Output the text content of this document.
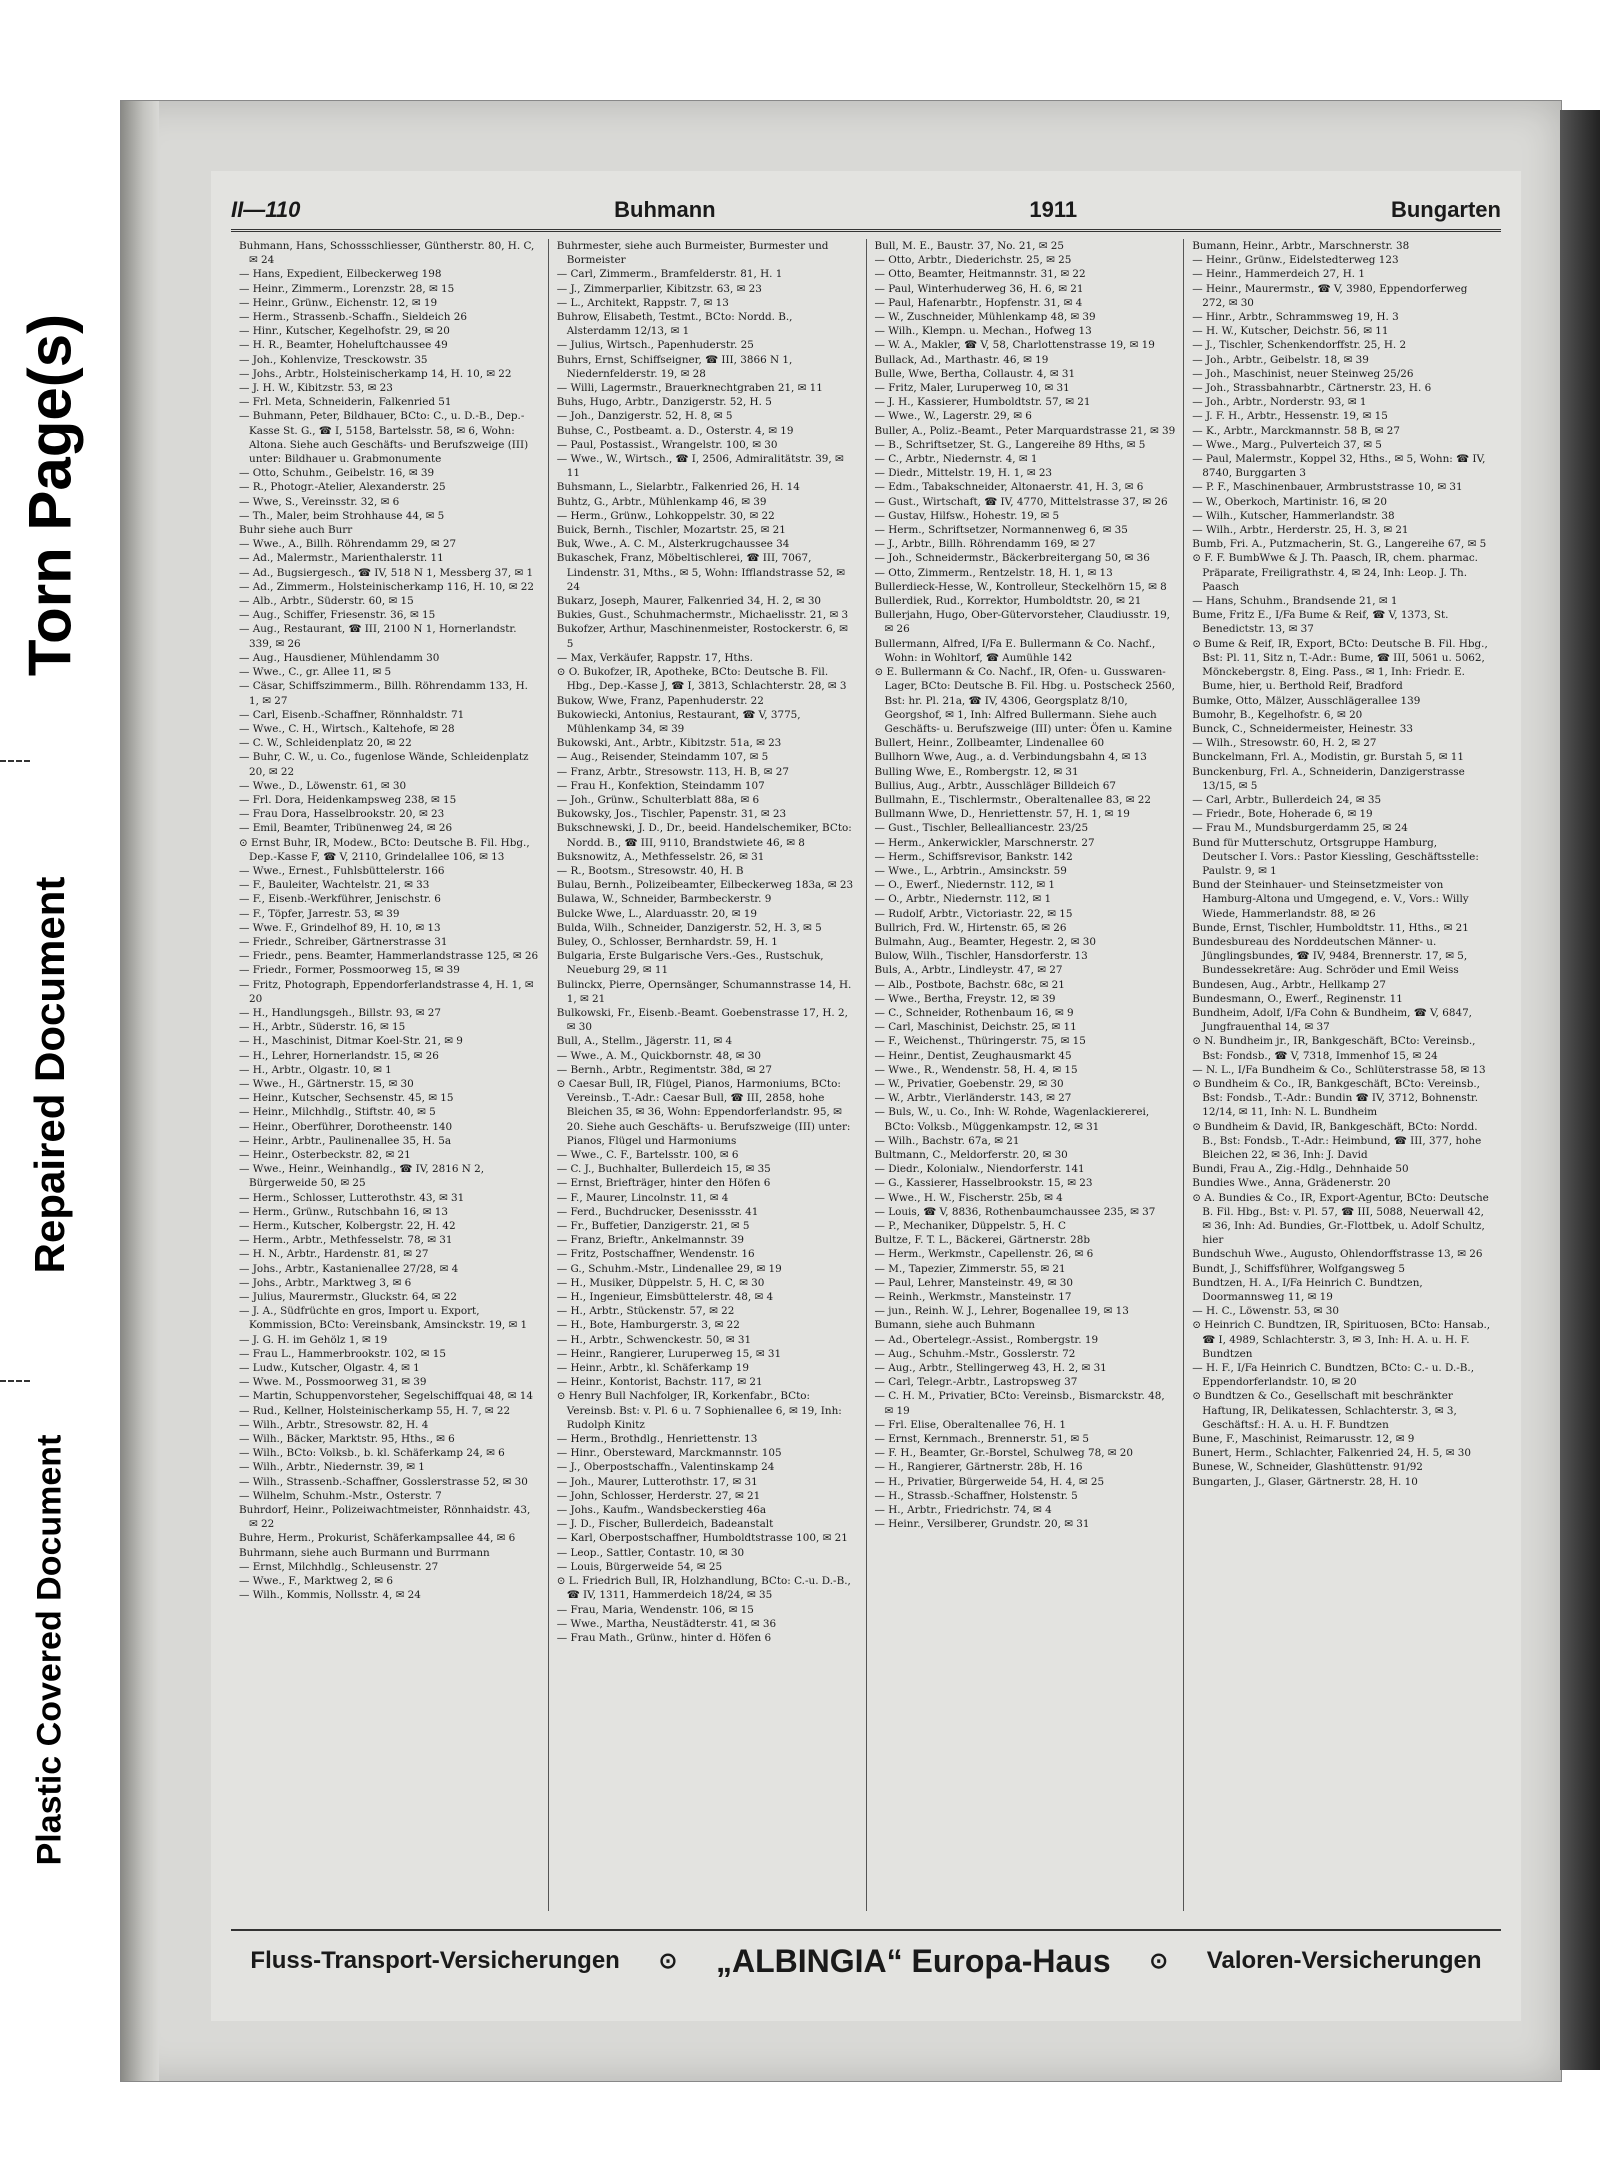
Torn Page(s)
Repaired Document
Plastic Covered Document
II—110	Buhmann	1911	Bungarten

Buhmann, Hans, Schossschliesser, Güntherstr. 80, H. C, ✉ 24

— Hans, Expedient, Eilbeckerweg 198

— Heinr., Zimmerm., Lorenzstr. 28, ✉ 15

— Heinr., Grünw., Eichenstr. 12, ✉ 19

— Herm., Strassenb.-Schaffn., Sieldeich 26

— Hinr., Kutscher, Kegelhofstr. 29, ✉ 20

— H. R., Beamter, Hoheluftchaussee 49

— Joh., Kohlenvize, Tresckowstr. 35

— Johs., Arbtr., Holsteinischerkamp 14, H. 10, ✉ 22

— J. H. W., Kibitzstr. 53, ✉ 23

— Frl. Meta, Schneiderin, Falkenried 51

— Buhmann, Peter, Bildhauer, BCto: C., u. D.-B., Dep.-Kasse St. G., ☎ I, 5158, Bartelsstr. 58, ✉ 6, Wohn: Altona. Siehe auch Geschäfts- und Berufszweige (III) unter: Bildhauer u. Grabmonumente

— Otto, Schuhm., Geibelstr. 16, ✉ 39

— R., Photogr.-Atelier, Alexanderstr. 25

— Wwe, S., Vereinsstr. 32, ✉ 6

— Th., Maler, beim Strohhause 44, ✉ 5

Buhr siehe auch Burr

— Wwe., A., Billh. Röhrendamm 29, ✉ 27

— Ad., Malermstr., Marienthalerstr. 11

— Ad., Bugsiergesch., ☎ IV, 518 N 1, Messberg 37, ✉ 1

— Ad., Zimmerm., Holsteinischerkamp 116, H. 10, ✉ 22

— Alb., Arbtr., Süderstr. 60, ✉ 15

— Aug., Schiffer, Friesenstr. 36, ✉ 15

— Aug., Restaurant, ☎ III, 2100 N 1, Hornerlandstr. 339, ✉ 26

— Aug., Hausdiener, Mühlendamm 30

— Wwe., C., gr. Allee 11, ✉ 5

— Cäsar, Schiffszimmerm., Billh. Röhrendamm 133, H. 1, ✉ 27

— Carl, Eisenb.-Schaffner, Rönnhaldstr. 71

— Wwe., C. H., Wirtsch., Kaltehofe, ✉ 28

— C. W., Schleidenplatz 20, ✉ 22

— Buhr, C. W., u. Co., fugenlose Wände, Schleidenplatz 20, ✉ 22

— Wwe., D., Löwenstr. 61, ✉ 30

— Frl. Dora, Heidenkampsweg 238, ✉ 15

— Frau Dora, Hasselbrookstr. 20, ✉ 23

— Emil, Beamter, Tribünenweg 24, ✉ 26

⊙ Ernst Buhr, IR, Modew., BCto: Deutsche B. Fil. Hbg., Dep.-Kasse F, ☎ V, 2110, Grindelallee 106, ✉ 13

— Wwe., Ernest., Fuhlsbüttelerstr. 166

— F., Bauleiter, Wachtelstr. 21, ✉ 33

— F., Eisenb.-Werkführer, Jenischstr. 6

— F., Töpfer, Jarrestr. 53, ✉ 39

— Wwe. F., Grindelhof 89, H. 10, ✉ 13

— Friedr., Schreiber, Gärtnerstrasse 31

— Friedr., pens. Beamter, Hammerlandstrasse 125, ✉ 26

— Friedr., Former, Possmoorweg 15, ✉ 39

— Fritz, Photograph, Eppendorferlandstrasse 4, H. 1, ✉ 20

— H., Handlungsgeh., Billstr. 93, ✉ 27

— H., Arbtr., Süderstr. 16, ✉ 15

— H., Maschinist, Ditmar Koel-Str. 21, ✉ 9

— H., Lehrer, Hornerlandstr. 15, ✉ 26

— H., Arbtr., Olgastr. 10, ✉ 1

— Wwe., H., Gärtnerstr. 15, ✉ 30

— Heinr., Kutscher, Sechsenstr. 45, ✉ 15

— Heinr., Milchhdlg., Stiftstr. 40, ✉ 5

— Heinr., Oberführer, Dorotheenstr. 140

— Heinr., Arbtr., Paulinenallee 35, H. 5a

— Heinr., Osterbeckstr. 82, ✉ 21

— Wwe., Heinr., Weinhandlg., ☎ IV, 2816 N 2, Bürgerweide 50, ✉ 25

— Herm., Schlosser, Lutterothstr. 43, ✉ 31

— Herm., Grünw., Rutschbahn 16, ✉ 13

— Herm., Kutscher, Kolbergstr. 22, H. 42

— Herm., Arbtr., Methfesselstr. 78, ✉ 31

— H. N., Arbtr., Hardenstr. 81, ✉ 27

— Johs., Arbtr., Kastanienallee 27/28, ✉ 4

— Johs., Arbtr., Marktweg 3, ✉ 6

— Julius, Maurermstr., Gluckstr. 64, ✉ 22

— J. A., Südfrüchte en gros, Import u. Export, Kommission, BCto: Vereinsbank, Amsinckstr. 19, ✉ 1

— J. G. H. im Gehölz 1, ✉ 19

— Frau L., Hammerbrookstr. 102, ✉ 15

— Ludw., Kutscher, Olgastr. 4, ✉ 1

— Wwe. M., Possmoorweg 31, ✉ 39

— Martin, Schuppenvorsteher, Segelschiffquai 48, ✉ 14

— Rud., Kellner, Holsteinischerkamp 55, H. 7, ✉ 22

— Wilh., Arbtr., Stresowstr. 82, H. 4

— Wilh., Bäcker, Marktstr. 95, Hths., ✉ 6

— Wilh., BCto: Volksb., b. kl. Schäferkamp 24, ✉ 6

— Wilh., Arbtr., Niedernstr. 39, ✉ 1

— Wilh., Strassenb.-Schaffner, Gosslerstrasse 52, ✉ 30

— Wilhelm, Schuhm.-Mstr., Osterstr. 7

Buhrdorf, Heinr., Polizeiwachtmeister, Rönnhaidstr. 43, ✉ 22

Buhre, Herm., Prokurist, Schäferkampsallee 44, ✉ 6

Buhrmann, siehe auch Burmann und Burrmann

— Ernst, Milchhdlg., Schleusenstr. 27

— Wwe., F., Marktweg 2, ✉ 6

— Wilh., Kommis, Nollsstr. 4, ✉ 24

Buhrmester, siehe auch Burmeister, Burmester und Bormeister

— Carl, Zimmerm., Bramfelderstr. 81, H. 1

— J., Zimmerparlier, Kibitzstr. 63, ✉ 23

— L., Architekt, Rappstr. 7, ✉ 13

Buhrow, Elisabeth, Testmt., BCto: Nordd. B., Alsterdamm 12/13, ✉ 1

— Julius, Wirtsch., Papenhuderstr. 25

Buhrs, Ernst, Schiffseigner, ☎ III, 3866 N 1, Niedernfelderstr. 19, ✉ 28

— Willi, Lagermstr., Brauerknechtgraben 21, ✉ 11

Buhs, Hugo, Arbtr., Danzigerstr. 52, H. 5

— Joh., Danzigerstr. 52, H. 8, ✉ 5

Buhse, C., Postbeamt. a. D., Osterstr. 4, ✉ 19

— Paul, Postassist., Wrangelstr. 100, ✉ 30

— Wwe., W., Wirtsch., ☎ I, 2506, Admiralitätstr. 39, ✉ 11

Buhsmann, L., Sielarbtr., Falkenried 26, H. 14

Buhtz, G., Arbtr., Mühlenkamp 46, ✉ 39

— Herm., Grünw., Lohkoppelstr. 30, ✉ 22

Buick, Bernh., Tischler, Mozartstr. 25, ✉ 21

Buk, Wwe., A. C. M., Alsterkrugchaussee 34

Bukaschek, Franz, Möbeltischlerei, ☎ III, 7067, Lindenstr. 31, Mths., ✉ 5, Wohn: Ifflandstrasse 52, ✉ 24

Bukarz, Joseph, Maurer, Falkenried 34, H. 2, ✉ 30

Bukies, Gust., Schuhmachermstr., Michaelisstr. 21, ✉ 3

Bukofzer, Arthur, Maschinenmeister, Rostockerstr. 6, ✉ 5

— Max, Verkäufer, Rappstr. 17, Hths.

⊙ O. Bukofzer, IR, Apotheke, BCto: Deutsche B. Fil. Hbg., Dep.-Kasse J, ☎ I, 3813, Schlachterstr. 28, ✉ 3

Bukow, Wwe, Franz, Papenhuderstr. 22

Bukowiecki, Antonius, Restaurant, ☎ V, 3775, Mühlenkamp 34, ✉ 39

Bukowski, Ant., Arbtr., Kibitzstr. 51a, ✉ 23

— Aug., Reisender, Steindamm 107, ✉ 5

— Franz, Arbtr., Stresowstr. 113, H. B, ✉ 27

— Frau H., Konfektion, Steindamm 107

— Joh., Grünw., Schulterblatt 88a, ✉ 6

Bukowsky, Jos., Tischler, Papenstr. 31, ✉ 23

Bukschnewski, J. D., Dr., beeid. Handelschemiker, BCto: Nordd. B., ☎ III, 9110, Brandstwiete 46, ✉ 8

Buksnowitz, A., Methfesselstr. 26, ✉ 31

— R., Bootsm., Stresowstr. 40, H. B

Bulau, Bernh., Polizeibeamter, Eilbeckerweg 183a, ✉ 23

Bulawa, W., Schneider, Barmbeckerstr. 9

Bulcke Wwe, L., Alarduasstr. 20, ✉ 19

Bulda, Wilh., Schneider, Danzigerstr. 52, H. 3, ✉ 5

Buley, O., Schlosser, Bernhardstr. 59, H. 1

Bulgaria, Erste Bulgarische Vers.-Ges., Rustschuk, Neueburg 29, ✉ 11

Bulinckx, Pierre, Opernsänger, Schumannstrasse 14, H. 1, ✉ 21

Bulkowski, Fr., Eisenb.-Beamt. Goebenstrasse 17, H. 2, ✉ 30

Bull, A., Stellm., Jägerstr. 11, ✉ 4

— Wwe., A. M., Quickbornstr. 48, ✉ 30

— Bernh., Arbtr., Regimentstr. 38d, ✉ 27

⊙ Caesar Bull, IR, Flügel, Pianos, Harmoniums, BCto: Vereinsb., T.-Adr.: Caesar Bull, ☎ III, 2858, hohe Bleichen 35, ✉ 36, Wohn: Eppendorferlandstr. 95, ✉ 20. Siehe auch Geschäfts- u. Berufszweige (III) unter: Pianos, Flügel und Harmoniums

— Wwe., C. F., Bartelsstr. 100, ✉ 6

— C. J., Buchhalter, Bullerdeich 15, ✉ 35

— Ernst, Briefträger, hinter den Höfen 6

— F., Maurer, Lincolnstr. 11, ✉ 4

— Ferd., Buchdrucker, Desenissstr. 41

— Fr., Buffetier, Danzigerstr. 21, ✉ 5

— Franz, Brieftr., Ankelmannstr. 39

— Fritz, Postschaffner, Wendenstr. 16

— G., Schuhm.-Mstr., Lindenallee 29, ✉ 19

— H., Musiker, Düppelstr. 5, H. C, ✉ 30

— H., Ingenieur, Eimsbüttelerstr. 48, ✉ 4

— H., Arbtr., Stückenstr. 57, ✉ 22

— H., Bote, Hamburgerstr. 3, ✉ 22

— H., Arbtr., Schwenckestr. 50, ✉ 31

— Heinr., Rangierer, Luruperweg 15, ✉ 31

— Heinr., Arbtr., kl. Schäferkamp 19

— Heinr., Kontorist, Bachstr. 117, ✉ 21

⊙ Henry Bull Nachfolger, IR, Korkenfabr., BCto: Vereinsb. Bst: v. Pl. 6 u. 7 Sophienallee 6, ✉ 19, Inh: Rudolph Kinitz

— Herm., Brothdlg., Henriettenstr. 13

— Hinr., Obersteward, Marckmannstr. 105

— J., Oberpostschaffn., Valentinskamp 24

— Joh., Maurer, Lutterothstr. 17, ✉ 31

— John, Schlosser, Herderstr. 27, ✉ 21

— Johs., Kaufm., Wandsbeckerstieg 46a

— J. D., Fischer, Bullerdeich, Badeanstalt

— Karl, Oberpostschaffner, Humboldtstrasse 100, ✉ 21

— Leop., Sattler, Contastr. 10, ✉ 30

— Louis, Bürgerweide 54, ✉ 25

⊙ L. Friedrich Bull, IR, Holzhandlung, BCto: C.-u. D.-B., ☎ IV, 1311, Hammerdeich 18/24, ✉ 35

— Frau, Maria, Wendenstr. 106, ✉ 15

— Wwe., Martha, Neustädterstr. 41, ✉ 36

— Frau Math., Grünw., hinter d. Höfen 6

Bull, M. E., Baustr. 37, No. 21, ✉ 25

— Otto, Arbtr., Diederichstr. 25, ✉ 25

— Otto, Beamter, Heitmannstr. 31, ✉ 22

— Paul, Winterhuderweg 36, H. 6, ✉ 21

— Paul, Hafenarbtr., Hopfenstr. 31, ✉ 4

— W., Zuschneider, Mühlenkamp 48, ✉ 39

— Wilh., Klempn. u. Mechan., Hofweg 13

— W. A., Makler, ☎ V, 58, Charlottenstrasse 19, ✉ 19

Bullack, Ad., Marthastr. 46, ✉ 19

Bulle, Wwe, Bertha, Collaustr. 4, ✉ 31

— Fritz, Maler, Luruperweg 10, ✉ 31

— J. H., Kassierer, Humboldtstr. 57, ✉ 21

— Wwe., W., Lagerstr. 29, ✉ 6

Buller, A., Poliz.-Beamt., Peter Marquardstrasse 21, ✉ 39

— B., Schriftsetzer, St. G., Langereihe 89 Hths, ✉ 5

— C., Arbtr., Niedernstr. 4, ✉ 1

— Diedr., Mittelstr. 19, H. 1, ✉ 23

— Edm., Tabakschneider, Altonaerstr. 41, H. 3, ✉ 6

— Gust., Wirtschaft, ☎ IV, 4770, Mittelstrasse 37, ✉ 26

— Gustav, Hilfsw., Hohestr. 19, ✉ 5

— Herm., Schriftsetzer, Normannenweg 6, ✉ 35

— J., Arbtr., Billh. Röhrendamm 169, ✉ 27

— Joh., Schneidermstr., Bäckerbreitergang 50, ✉ 36

— Otto, Zimmerm., Rentzelstr. 18, H. 1, ✉ 13

Bullerdieck-Hesse, W., Kontrolleur, Steckelhörn 15, ✉ 8

Bullerdiek, Rud., Korrektor, Humboldtstr. 20, ✉ 21

Bullerjahn, Hugo, Ober-Gütervorsteher, Claudiusstr. 19, ✉ 26

Bullermann, Alfred, I/Fa E. Bullermann & Co. Nachf., Wohn: in Wohltorf, ☎ Aumühle 142

⊙ E. Bullermann & Co. Nachf., IR, Ofen- u. Gusswaren-Lager, BCto: Deutsche B. Fil. Hbg. u. Postscheck 2560, Bst: hr. Pl. 21a, ☎ IV, 4306, Georgsplatz 8/10, Georgshof, ✉ 1, Inh: Alfred Bullermann. Siehe auch Geschäfts- u. Berufszweige (III) unter: Öfen u. Kamine

Bullert, Heinr., Zollbeamter, Lindenallee 60

Bullhorn Wwe, Aug., a. d. Verbindungsbahn 4, ✉ 13

Bulling Wwe, E., Rombergstr. 12, ✉ 31

Bullius, Aug., Arbtr., Ausschläger Billdeich 67

Bullmahn, E., Tischlermstr., Oberaltenallee 83, ✉ 22

Bullmann Wwe, D., Henriettenstr. 57, H. 1, ✉ 19

— Gust., Tischler, Bellealliancestr. 23/25

— Herm., Ankerwickler, Marschnerstr. 27

— Herm., Schiffsrevisor, Bankstr. 142

— Wwe., L., Arbtrin., Amsinckstr. 59

— O., Ewerf., Niedernstr. 112, ✉ 1

— O., Arbtr., Niedernstr. 112, ✉ 1

— Rudolf, Arbtr., Victoriastr. 22, ✉ 15

Bullrich, Frd. W., Hirtenstr. 65, ✉ 26

Bulmahn, Aug., Beamter, Hegestr. 2, ✉ 30

Bulow, Wilh., Tischler, Hansdorferstr. 13

Buls, A., Arbtr., Lindleystr. 47, ✉ 27

— Alb., Postbote, Bachstr. 68c, ✉ 21

— Wwe., Bertha, Freystr. 12, ✉ 39

— C., Schneider, Rothenbaum 16, ✉ 9

— Carl, Maschinist, Deichstr. 25, ✉ 11

— F., Weichenst., Thüringerstr. 75, ✉ 15

— Heinr., Dentist, Zeughausmarkt 45

— Wwe., R., Wendenstr. 58, H. 4, ✉ 15

— W., Privatier, Goebenstr. 29, ✉ 30

— W., Arbtr., Vierländerstr. 143, ✉ 27

— Buls, W., u. Co., Inh: W. Rohde, Wagenlackiererei, BCto: Volksb., Müggenkampstr. 12, ✉ 31

— Wilh., Bachstr. 67a, ✉ 21

Bultmann, C., Meldorferstr. 20, ✉ 30

— Diedr., Kolonialw., Niendorferstr. 141

— G., Kassierer, Hasselbrookstr. 15, ✉ 23

— Wwe., H. W., Fischerstr. 25b, ✉ 4

— Louis, ☎ V, 8836, Rothenbaumchaussee 235, ✉ 37

— P., Mechaniker, Düppelstr. 5, H. C

Bultze, F. T. L., Bäckerei, Gärtnerstr. 28b

— Herm., Werkmstr., Capellenstr. 26, ✉ 6

— M., Tapezier, Zimmerstr. 55, ✉ 21

— Paul, Lehrer, Mansteinstr. 49, ✉ 30

— Reinh., Werkmstr., Mansteinstr. 17

— jun., Reinh. W. J., Lehrer, Bogenallee 19, ✉ 13

Bumann, siehe auch Buhmann

— Ad., Obertelegr.-Assist., Rombergstr. 19

— Aug., Schuhm.-Mstr., Gosslerstr. 72

— Aug., Arbtr., Stellingerweg 43, H. 2, ✉ 31

— Carl, Telegr.-Arbtr., Lastropsweg 37

— C. H. M., Privatier, BCto: Vereinsb., Bismarckstr. 48, ✉ 19

— Frl. Elise, Oberaltenallee 76, H. 1

— Ernst, Kernmach., Brennerstr. 51, ✉ 5

— F. H., Beamter, Gr.-Borstel, Schulweg 78, ✉ 20

— H., Rangierer, Gärtnerstr. 28b, H. 16

— H., Privatier, Bürgerweide 54, H. 4, ✉ 25

— H., Strassb.-Schaffner, Holstenstr. 5

— H., Arbtr., Friedrichstr. 74, ✉ 4

— Heinr., Versilberer, Grundstr. 20, ✉ 31

Bumann, Heinr., Arbtr., Marschnerstr. 38

— Heinr., Grünw., Eidelstedterweg 123

— Heinr., Hammerdeich 27, H. 1

— Heinr., Maurermstr., ☎ V, 3980, Eppendorferweg 272, ✉ 30

— Hinr., Arbtr., Schrammsweg 19, H. 3

— H. W., Kutscher, Deichstr. 56, ✉ 11

— J., Tischler, Schenkendorffstr. 25, H. 2

— Joh., Arbtr., Geibelstr. 18, ✉ 39

— Joh., Maschinist, neuer Steinweg 25/26

— Joh., Strassbahnarbtr., Cärtnerstr. 23, H. 6

— Joh., Arbtr., Norderstr. 93, ✉ 1

— J. F. H., Arbtr., Hessenstr. 19, ✉ 15

— K., Arbtr., Marckmannstr. 58 B, ✉ 27

— Wwe., Marg., Pulverteich 37, ✉ 5

— Paul, Malermstr., Koppel 32, Hths., ✉ 5, Wohn: ☎ IV, 8740, Burggarten 3

— P. F., Maschinenbauer, Armbruststrasse 10, ✉ 31

— W., Oberkoch, Martinistr. 16, ✉ 20

— Wilh., Kutscher, Hammerlandstr. 38

— Wilh., Arbtr., Herderstr. 25, H. 3, ✉ 21

Bumb, Fri. A., Putzmacherin, St. G., Langereihe 67, ✉ 5

⊙ F. F. BumbWwe & J. Th. Paasch, IR, chem. pharmac. Präparate, Freiligrathstr. 4, ✉ 24, Inh: Leop. J. Th. Paasch

— Hans, Schuhm., Brandsende 21, ✉ 1

Bume, Fritz E., I/Fa Bume & Reif, ☎ V, 1373, St. Benedictstr. 13, ✉ 37

⊙ Bume & Reif, IR, Export, BCto: Deutsche B. Fil. Hbg., Bst: Pl. 11, Sitz n, T.-Adr.: Bume, ☎ III, 5061 u. 5062, Mönckebergstr. 8, Eing. Pass., ✉ 1, Inh: Friedr. E. Bume, hier, u. Berthold Reif, Bradford

Bumke, Otto, Mälzer, Ausschlägerallee 139

Bumohr, B., Kegelhofstr. 6, ✉ 20

Bunck, C., Schneidermeister, Heinestr. 33

— Wilh., Stresowstr. 60, H. 2, ✉ 27

Bunckelmann, Frl. A., Modistin, gr. Burstah 5, ✉ 11

Bunckenburg, Frl. A., Schneiderin, Danzigerstrasse 13/15, ✉ 5

— Carl, Arbtr., Bullerdeich 24, ✉ 35

— Friedr., Bote, Hoherade 6, ✉ 19

— Frau M., Mundsburgerdamm 25, ✉ 24

Bund für Mutterschutz, Ortsgruppe Hamburg, Deutscher I. Vors.: Pastor Kiessling, Geschäftsstelle: Paulstr. 9, ✉ 1

Bund der Steinhauer- und Steinsetzmeister von Hamburg-Altona und Umgegend, e. V., Vors.: Willy Wiede, Hammerlandstr. 88, ✉ 26

Bunde, Ernst, Tischler, Humboldtstr. 11, Hths., ✉ 21

Bundesbureau des Norddeutschen Männer- u. Jünglingsbundes, ☎ IV, 9484, Brennerstr. 17, ✉ 5, Bundessekretäre: Aug. Schröder und Emil Weiss

Bundesen, Aug., Arbtr., Hellkamp 27

Bundesmann, O., Ewerf., Reginenstr. 11

Bundheim, Adolf, I/Fa Cohn & Bundheim, ☎ V, 6847, Jungfrauenthal 14, ✉ 37

⊙ N. Bundheim jr., IR, Bankgeschäft, BCto: Vereinsb., Bst: Fondsb., ☎ V, 7318, Immenhof 15, ✉ 24

— N. L., I/Fa Bundheim & Co., Schlüterstrasse 58, ✉ 13

⊙ Bundheim & Co., IR, Bankgeschäft, BCto: Vereinsb., Bst: Fondsb., T.-Adr.: Bundin ☎ IV, 3712, Bohnenstr. 12/14, ✉ 11, Inh: N. L. Bundheim

⊙ Bundheim & David, IR, Bankgeschäft, BCto: Nordd. B., Bst: Fondsb., T.-Adr.: Heimbund, ☎ III, 377, hohe Bleichen 22, ✉ 36, Inh: J. David

Bundi, Frau A., Zig.-Hdlg., Dehnhaide 50

Bundies Wwe., Anna, Grädenerstr. 20

⊙ A. Bundies & Co., IR, Export-Agentur, BCto: Deutsche B. Fil. Hbg., Bst: v. Pl. 57, ☎ III, 5088, Neuerwall 42, ✉ 36, Inh: Ad. Bundies, Gr.-Flottbek, u. Adolf Schultz, hier

Bundschuh Wwe., Augusto, Ohlendorffstrasse 13, ✉ 26

Bundt, J., Schiffsführer, Wolfgangsweg 5

Bundtzen, H. A., I/Fa Heinrich C. Bundtzen, Doormannsweg 11, ✉ 19

— H. C., Löwenstr. 53, ✉ 30

⊙ Heinrich C. Bundtzen, IR, Spirituosen, BCto: Hansab., ☎ I, 4989, Schlachterstr. 3, ✉ 3, Inh: H. A. u. H. F. Bundtzen

— H. F., I/Fa Heinrich C. Bundtzen, BCto: C.- u. D.-B., Eppendorferlandstr. 10, ✉ 20

⊙ Bundtzen & Co., Gesellschaft mit beschränkter Haftung, IR, Delikatessen, Schlachterstr. 3, ✉ 3, Geschäftsf.: H. A. u. H. F. Bundtzen

Bune, F., Maschinist, Reimarusstr. 12, ✉ 9

Bunert, Herm., Schlachter, Falkenried 24, H. 5, ✉ 30

Bunese, W., Schneider, Glashüttenstr. 91/92

Bungarten, J., Glaser, Gärtnerstr. 28, H. 10

Fluss-Transport-Versicherungen ⊙ „ALBINGIA“ Europa-Haus ⊙ Valoren-Versicherungen
